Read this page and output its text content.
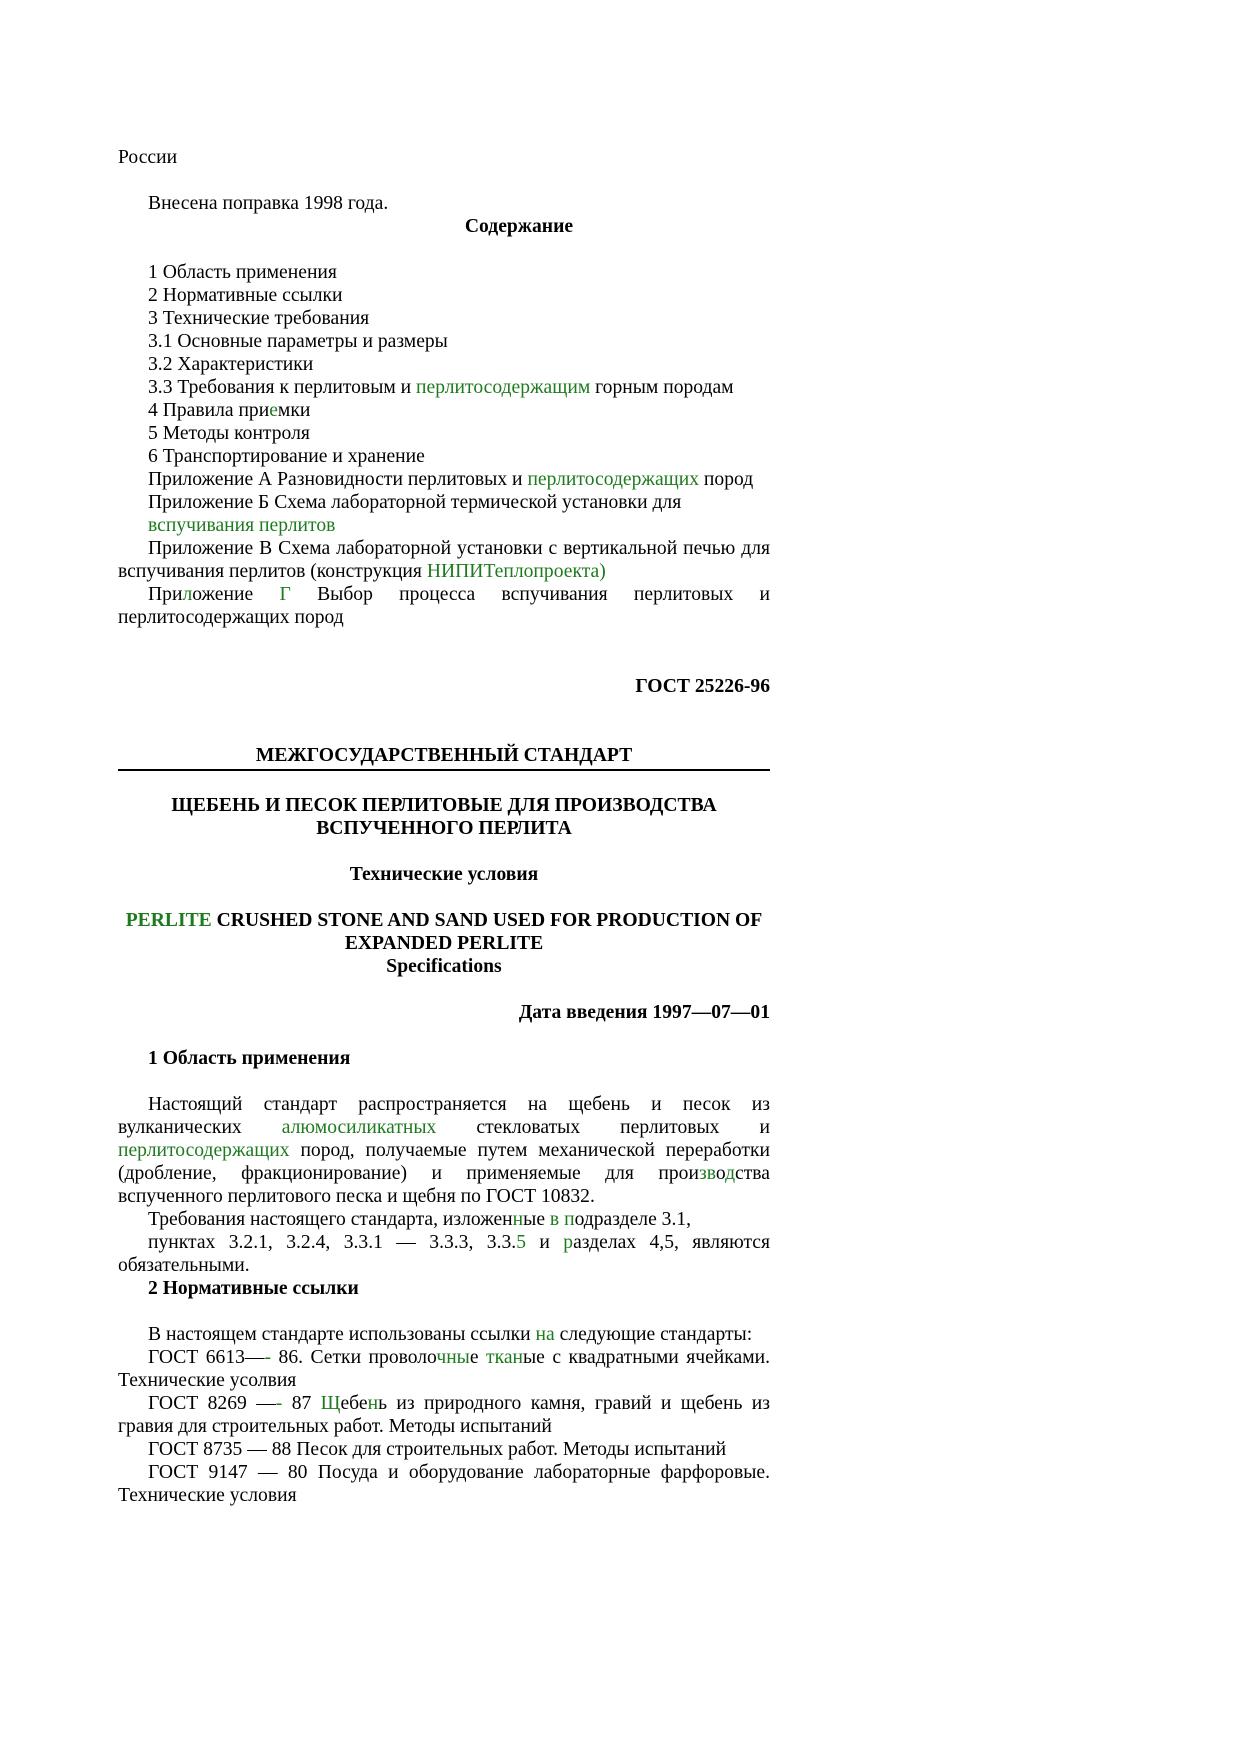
России

Внесена поправка 1998 года.

Содержание

1 Область применения

2 Нормативные ссылки

3 Технические требования

3.1 Основные параметры и размеры

3.2 Характеристики

3.3 Требования к перлитовым и перлитосодержащим горным породам

4 Правила приемки

5 Методы контроля

6 Транспортирование и хранение

Приложение А Разновидности перлитовых и перлитосодержащих пород

Приложение Б Схема лабораторной термической установки для вспучивания перлитов

Приложение В Схема лабораторной установки с вертикальной печью для вспучивания перлитов (конструкция НИПИТеплопроекта)

Приложение Г Выбор процесса вспучивания перлитовых и перлитосодержащих пород

ГОСТ 25226-96

МЕЖГОСУДАРСТВЕННЫЙ СТАНДАРТ

ЩЕБЕНЬ И ПЕСОК ПЕРЛИТОВЫЕ ДЛЯ ПРОИЗВОДСТВА ВСПУЧЕННОГО ПЕРЛИТА

Технические условия

PERLITE CRUSHED STONE AND SAND USED FOR PRODUCTION OF EXPANDED PERLITE

Specifications

Дата введения 1997—07—01

1 Область применения

Настоящий стандарт распространяется на щебень и песок из вулканических алюмосиликатных стекловатых перлитовых и перлитосодержащих пород, получаемые путем механической переработки (дробление, фракционирование) и применяемые для производства вспученного перлитового песка и щебня по ГОСТ 10832.

Требования настоящего стандарта, изложенные в подразделе 3.1,

пунктах 3.2.1, 3.2.4, 3.3.1 — 3.3.3, 3.3.5 и разделах 4,5, являются обязательными.

2 Нормативные ссылки

В настоящем стандарте использованы ссылки на следующие стандарты:

ГОСТ 6613—- 86. Сетки проволочные тканые с квадратными ячейками. Технические усолвия

ГОСТ 8269 —- 87 Щебень из природного камня, гравий и щебень из гравия для строительных работ. Методы испытаний

ГОСТ 8735 — 88 Песок для строительных работ. Методы испытаний

ГОСТ 9147 — 80 Посуда и оборудование лабораторные фарфоровые. Технические условия
